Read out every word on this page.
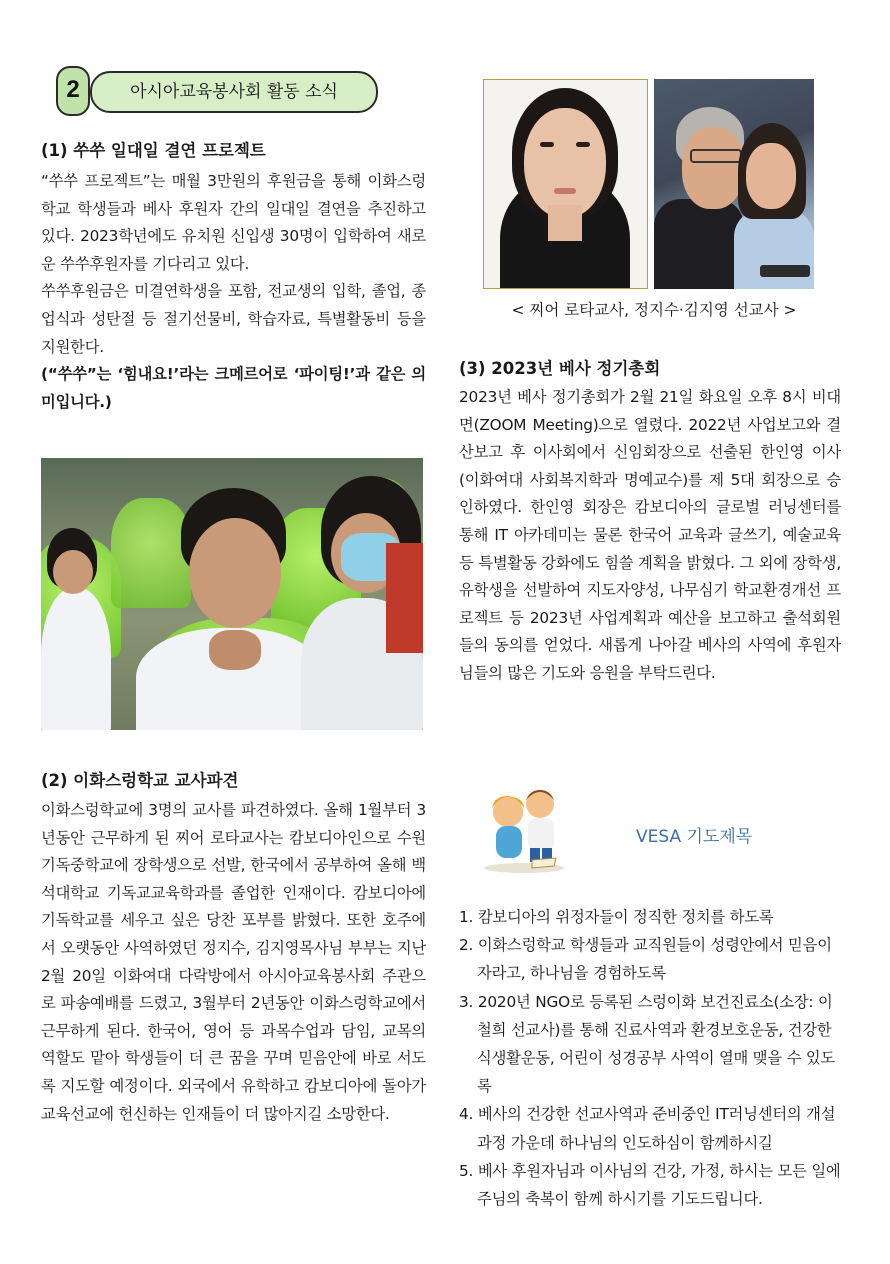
2	아시아교육봉사회 활동 소식
(1) 쑤쑤 일대일 결연 프로젝트

“쑤쑤 프로젝트”는 매월 3만원의 후원금을 통해 이화스렁학교 학생들과 베사 후원자 간의 일대일 결연을 추진하고 있다. 2023학년에도 유치원 신입생 30명이 입학하여 새로운 쑤쑤후원자를 기다리고 있다.

쑤쑤후원금은 미결연학생을 포함, 전교생의 입학, 졸업, 종업식과 성탄절 등 절기선물비, 학습자료, 특별활동비 등을 지원한다.

(“쑤쑤”는 ‘힘내요!’라는 크메르어로 ‘파이팅!’과 같은 의미입니다.)

(2) 이화스렁학교 교사파견

이화스렁학교에 3명의 교사를 파견하였다. 올해 1월부터 3년동안 근무하게 된 찌어 로타교사는 캄보디아인으로 수원기독중학교에 장학생으로 선발, 한국에서 공부하여 올해 백석대학교 기독교교육학과를 졸업한 인재이다. 캄보디아에 기독학교를 세우고 싶은 당찬 포부를 밝혔다. 또한 호주에서 오랫동안 사역하였던 정지수, 김지영목사님 부부는 지난 2월 20일 이화여대 다락방에서 아시아교육봉사회 주관으로 파송예배를 드렸고, 3월부터 2년동안 이화스렁학교에서 근무하게 된다. 한국어, 영어 등 과목수업과 담임, 교목의 역할도 맡아 학생들이 더 큰 꿈을 꾸며 믿음안에 바로 서도록 지도할 예정이다. 외국에서 유학하고 캄보디아에 돌아가 교육선교에 헌신하는 인재들이 더 많아지길 소망한다.

< 찌어 로타교사, 정지수·김지영 선교사 >
(3) 2023년 베사 정기총회

2023년 베사 정기총회가 2월 21일 화요일 오후 8시 비대면(ZOOM Meeting)으로 열렸다. 2022년 사업보고와 결산보고 후 이사회에서 신임회장으로 선출된 한인영 이사(이화여대 사회복지학과 명예교수)를 제 5대 회장으로 승인하였다. 한인영 회장은 캄보디아의 글로벌 러닝센터를 통해 IT 아카데미는 물론 한국어 교육과 글쓰기, 예술교육 등 특별활동 강화에도 힘쓸 계획을 밝혔다. 그 외에 장학생, 유학생을 선발하여 지도자양성, 나무심기 학교환경개선 프로젝트 등 2023년 사업계획과 예산을 보고하고 출석회원들의 동의를 얻었다. 새롭게 나아갈 베사의 사역에 후원자님들의 많은 기도와 응원을 부탁드린다.

VESA 기도제목
1. 캄보디아의 위정자들이 정직한 정치를 하도록
2. 이화스렁학교 학생들과 교직원들이 성령안에서 믿음이 자라고, 하나님을 경험하도록
3. 2020년 NGO로 등록된 스렁이화 보건진료소(소장: 이철희 선교사)를 통해 진료사역과 환경보호운동, 건강한 식생활운동, 어린이 성경공부 사역이 열매 맺을 수 있도록
4. 베사의 건강한 선교사역과 준비중인 IT러닝센터의 개설과정 가운데 하나님의 인도하심이 함께하시길
5. 베사 후원자님과 이사님의 건강, 가정, 하시는 모든 일에 주님의 축복이 함께 하시기를 기도드립니다.
